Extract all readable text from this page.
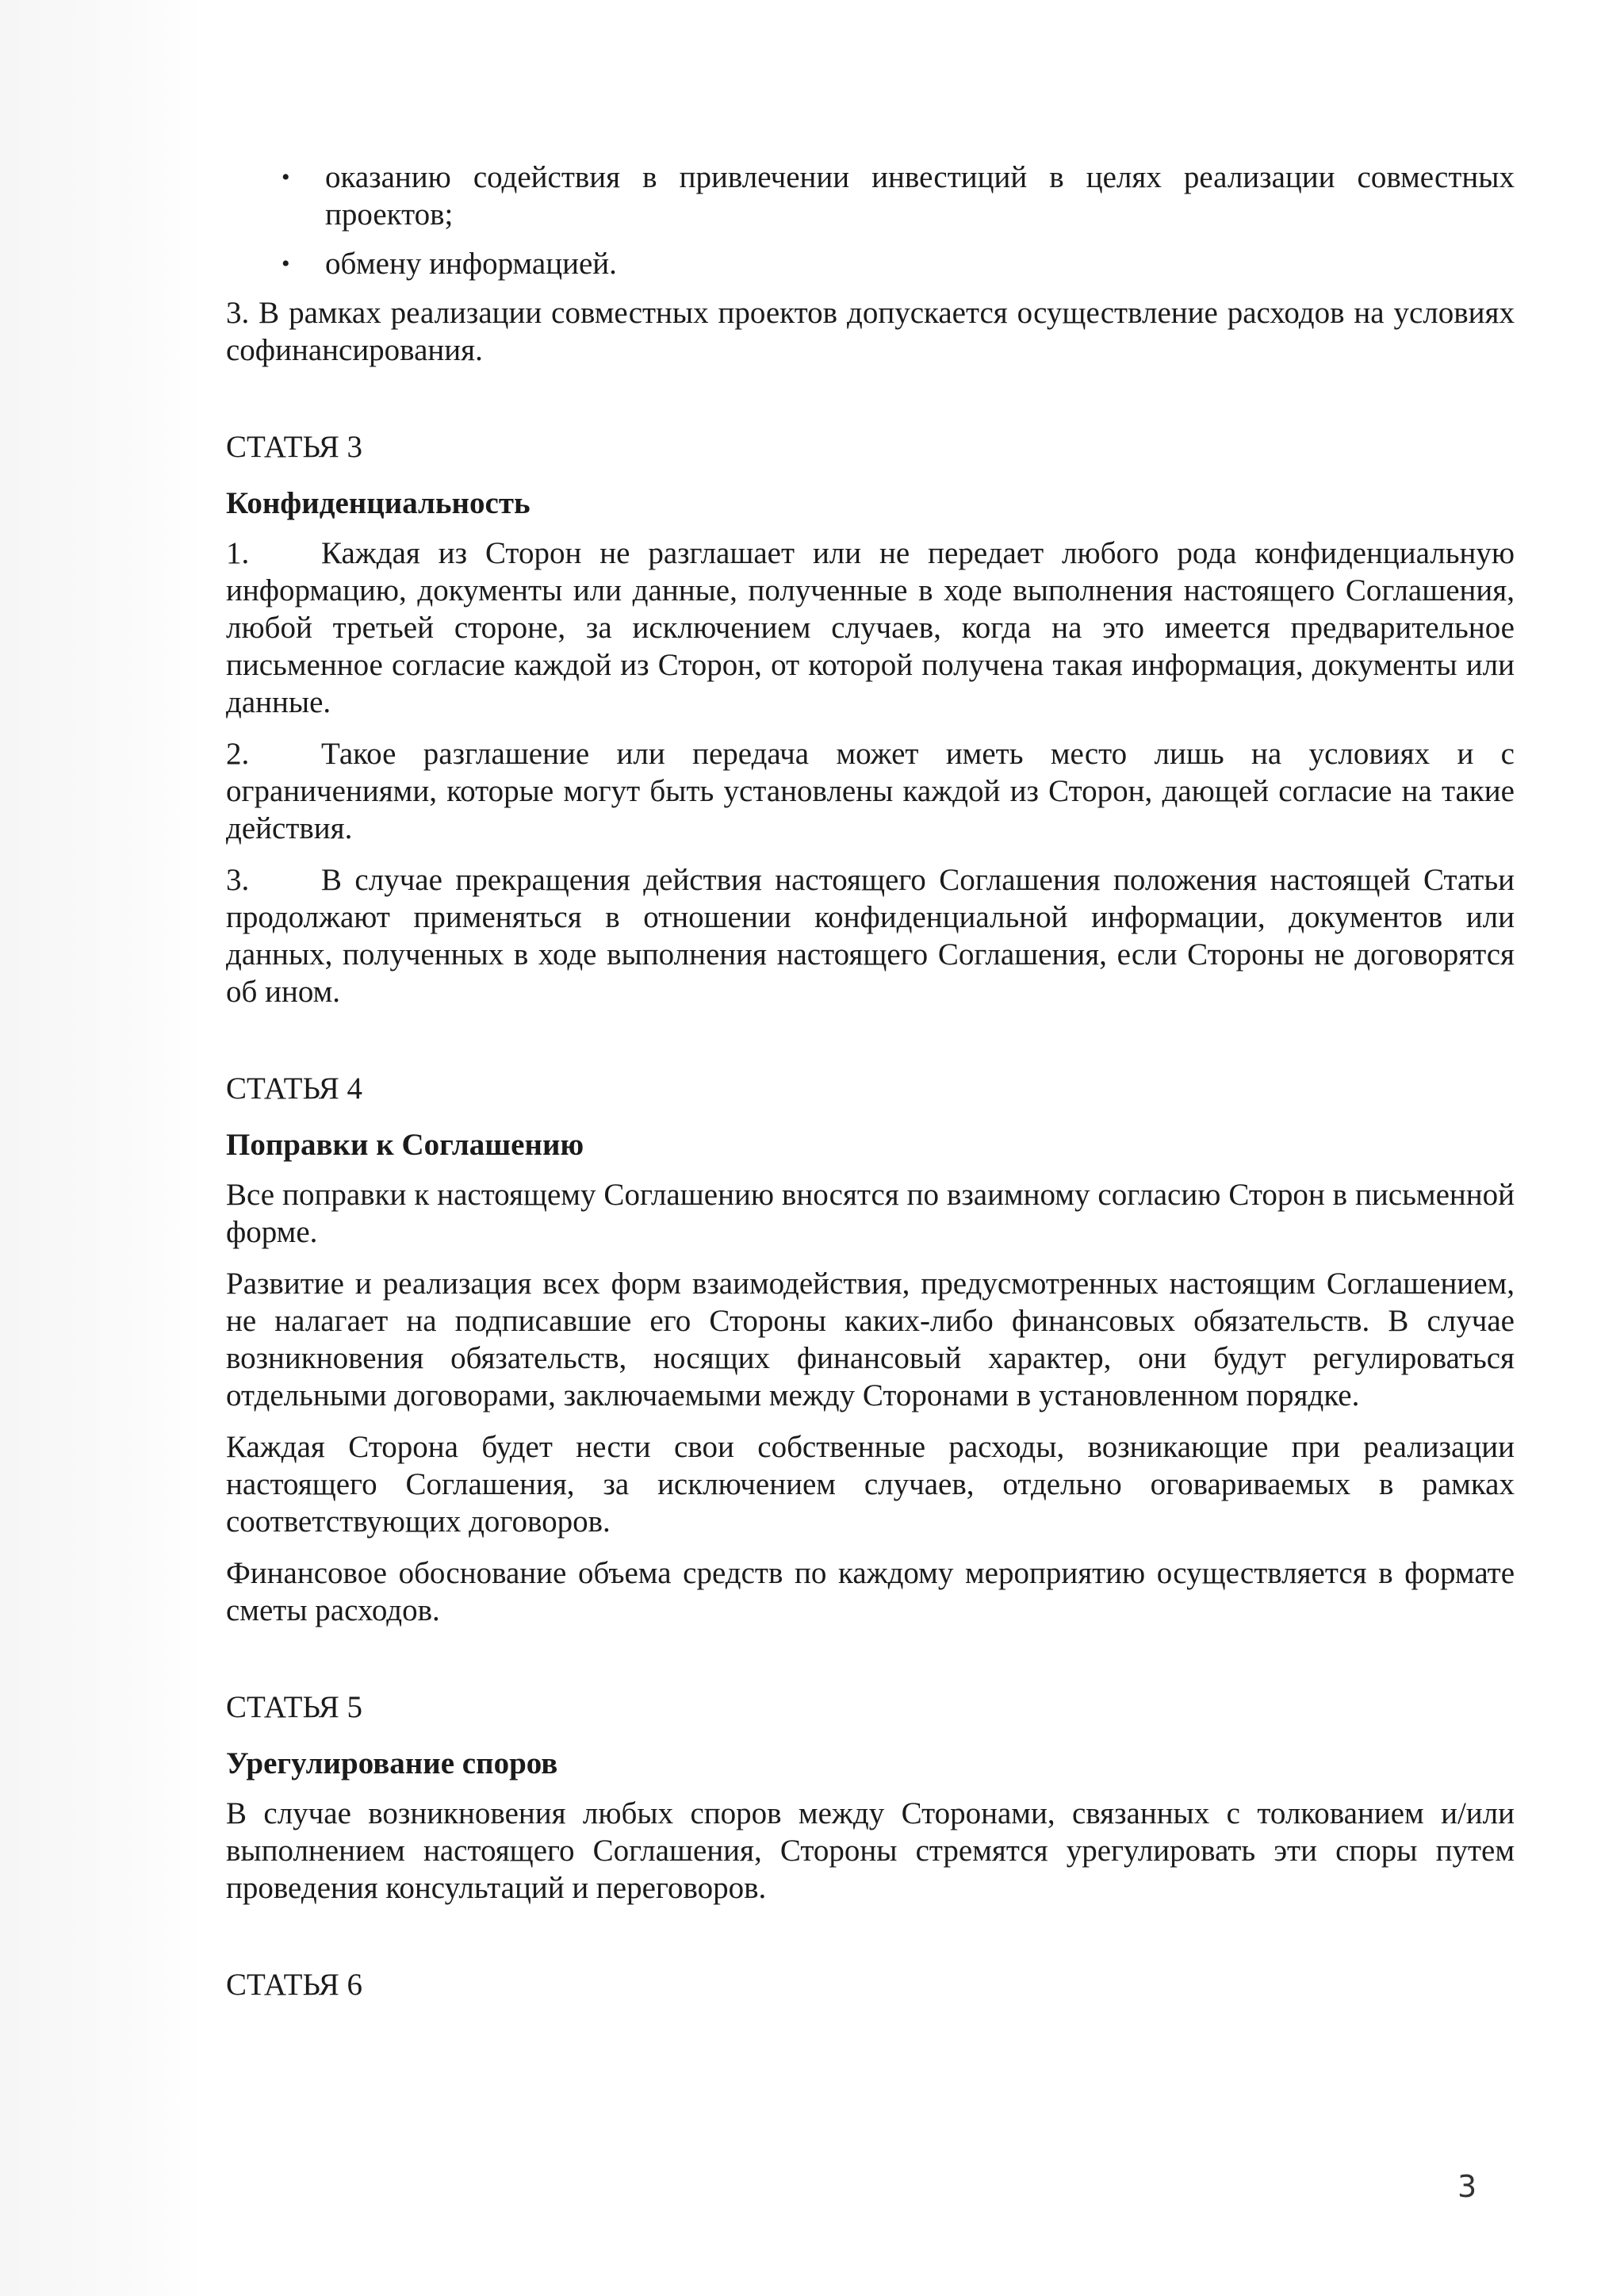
• оказанию содействия в привлечении инвестиций в целях реализации совместных проектов;
• обмену информацией.

3. В рамках реализации совместных проектов допускается осуществление расходов на условиях софинансирования.

СТАТЬЯ 3
Конфиденциальность

1. Каждая из Сторон не разглашает или не передает любого рода конфиденциальную информацию, документы или данные, полученные в ходе выполнения настоящего Соглашения, любой третьей стороне, за исключением случаев, когда на это имеется предварительное письменное согласие каждой из Сторон, от которой получена такая информация, документы или данные.

2. Такое разглашение или передача может иметь место лишь на условиях и с ограничениями, которые могут быть установлены каждой из Сторон, дающей согласие на такие действия.

3. В случае прекращения действия настоящего Соглашения положения настоящей Статьи продолжают применяться в отношении конфиденциальной информации, документов или данных, полученных в ходе выполнения настоящего Соглашения, если Стороны не договорятся об ином.

СТАТЬЯ 4
Поправки к Соглашению

Все поправки к настоящему Соглашению вносятся по взаимному согласию Сторон в письменной форме.

Развитие и реализация всех форм взаимодействия, предусмотренных настоящим Соглашением, не налагает на подписавшие его Стороны каких-либо финансовых обязательств. В случае возникновения обязательств, носящих финансовый характер, они будут регулироваться отдельными договорами, заключаемыми между Сторонами в установленном порядке.

Каждая Сторона будет нести свои собственные расходы, возникающие при реализации настоящего Соглашения, за исключением случаев, отдельно оговариваемых в рамках соответствующих договоров.

Финансовое обоснование объема средств по каждому мероприятию осуществляется в формате сметы расходов.

СТАТЬЯ 5
Урегулирование споров

В случае возникновения любых споров между Сторонами, связанных с толкованием и/или выполнением настоящего Соглашения, Стороны стремятся урегулировать эти споры путем проведения консультаций и переговоров.

СТАТЬЯ 6
3
